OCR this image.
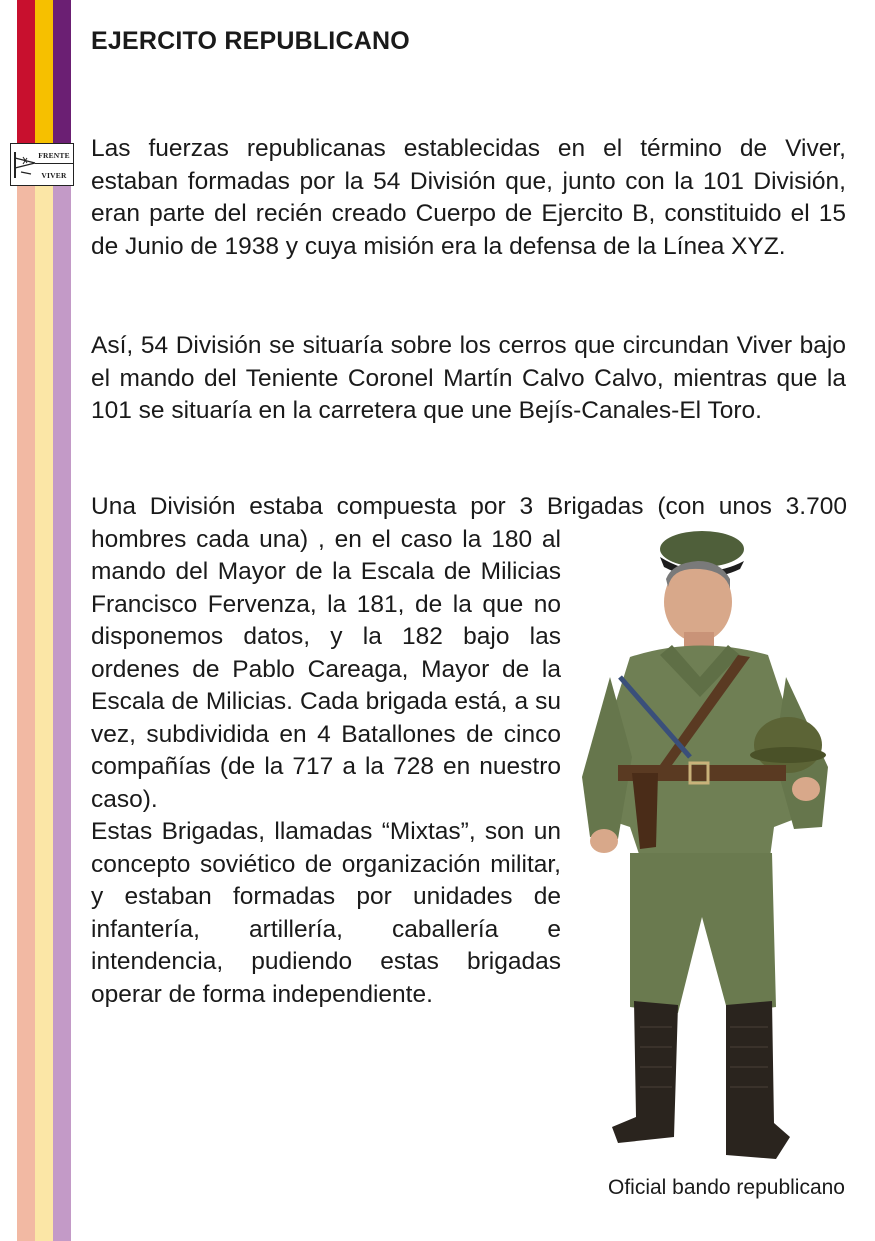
FRENTE
VIVER
EJERCITO REPUBLICANO

Las fuerzas republicanas establecidas en el término de Viver, estaban formadas por la 54 División que, junto con la 101 División, eran parte del recién creado Cuerpo de Ejercito B, constituido el 15 de Junio de 1938 y cuya misión era la defensa de la Línea XYZ.

Así, 54 División se situaría sobre los cerros que circundan Viver bajo el mando del Teniente Coronel Martín Calvo Calvo, mientras que la 101 se situaría en la carretera que une Bejís-Canales-El Toro.

Una División estaba compuesta por 3 Brigadas (con unos 3.700
hombres cada una) , en el caso la 180 al mando del Mayor de la Escala de Milicias Francisco Fervenza, la 181, de la que no disponemos datos, y la 182 bajo las ordenes de Pablo Careaga, Mayor de la Escala de Milicias. Cada brigada está, a su vez, subdividida en 4 Batallones de cinco compañías (de la 717 a la 728 en nuestro caso).
Estas Brigadas, llamadas “Mixtas”, son un concepto soviético de organización militar, y estaban formadas por unidades de infantería, artillería, caballería e intendencia, pudiendo estas brigadas operar de forma independiente.
Oficial bando republicano
